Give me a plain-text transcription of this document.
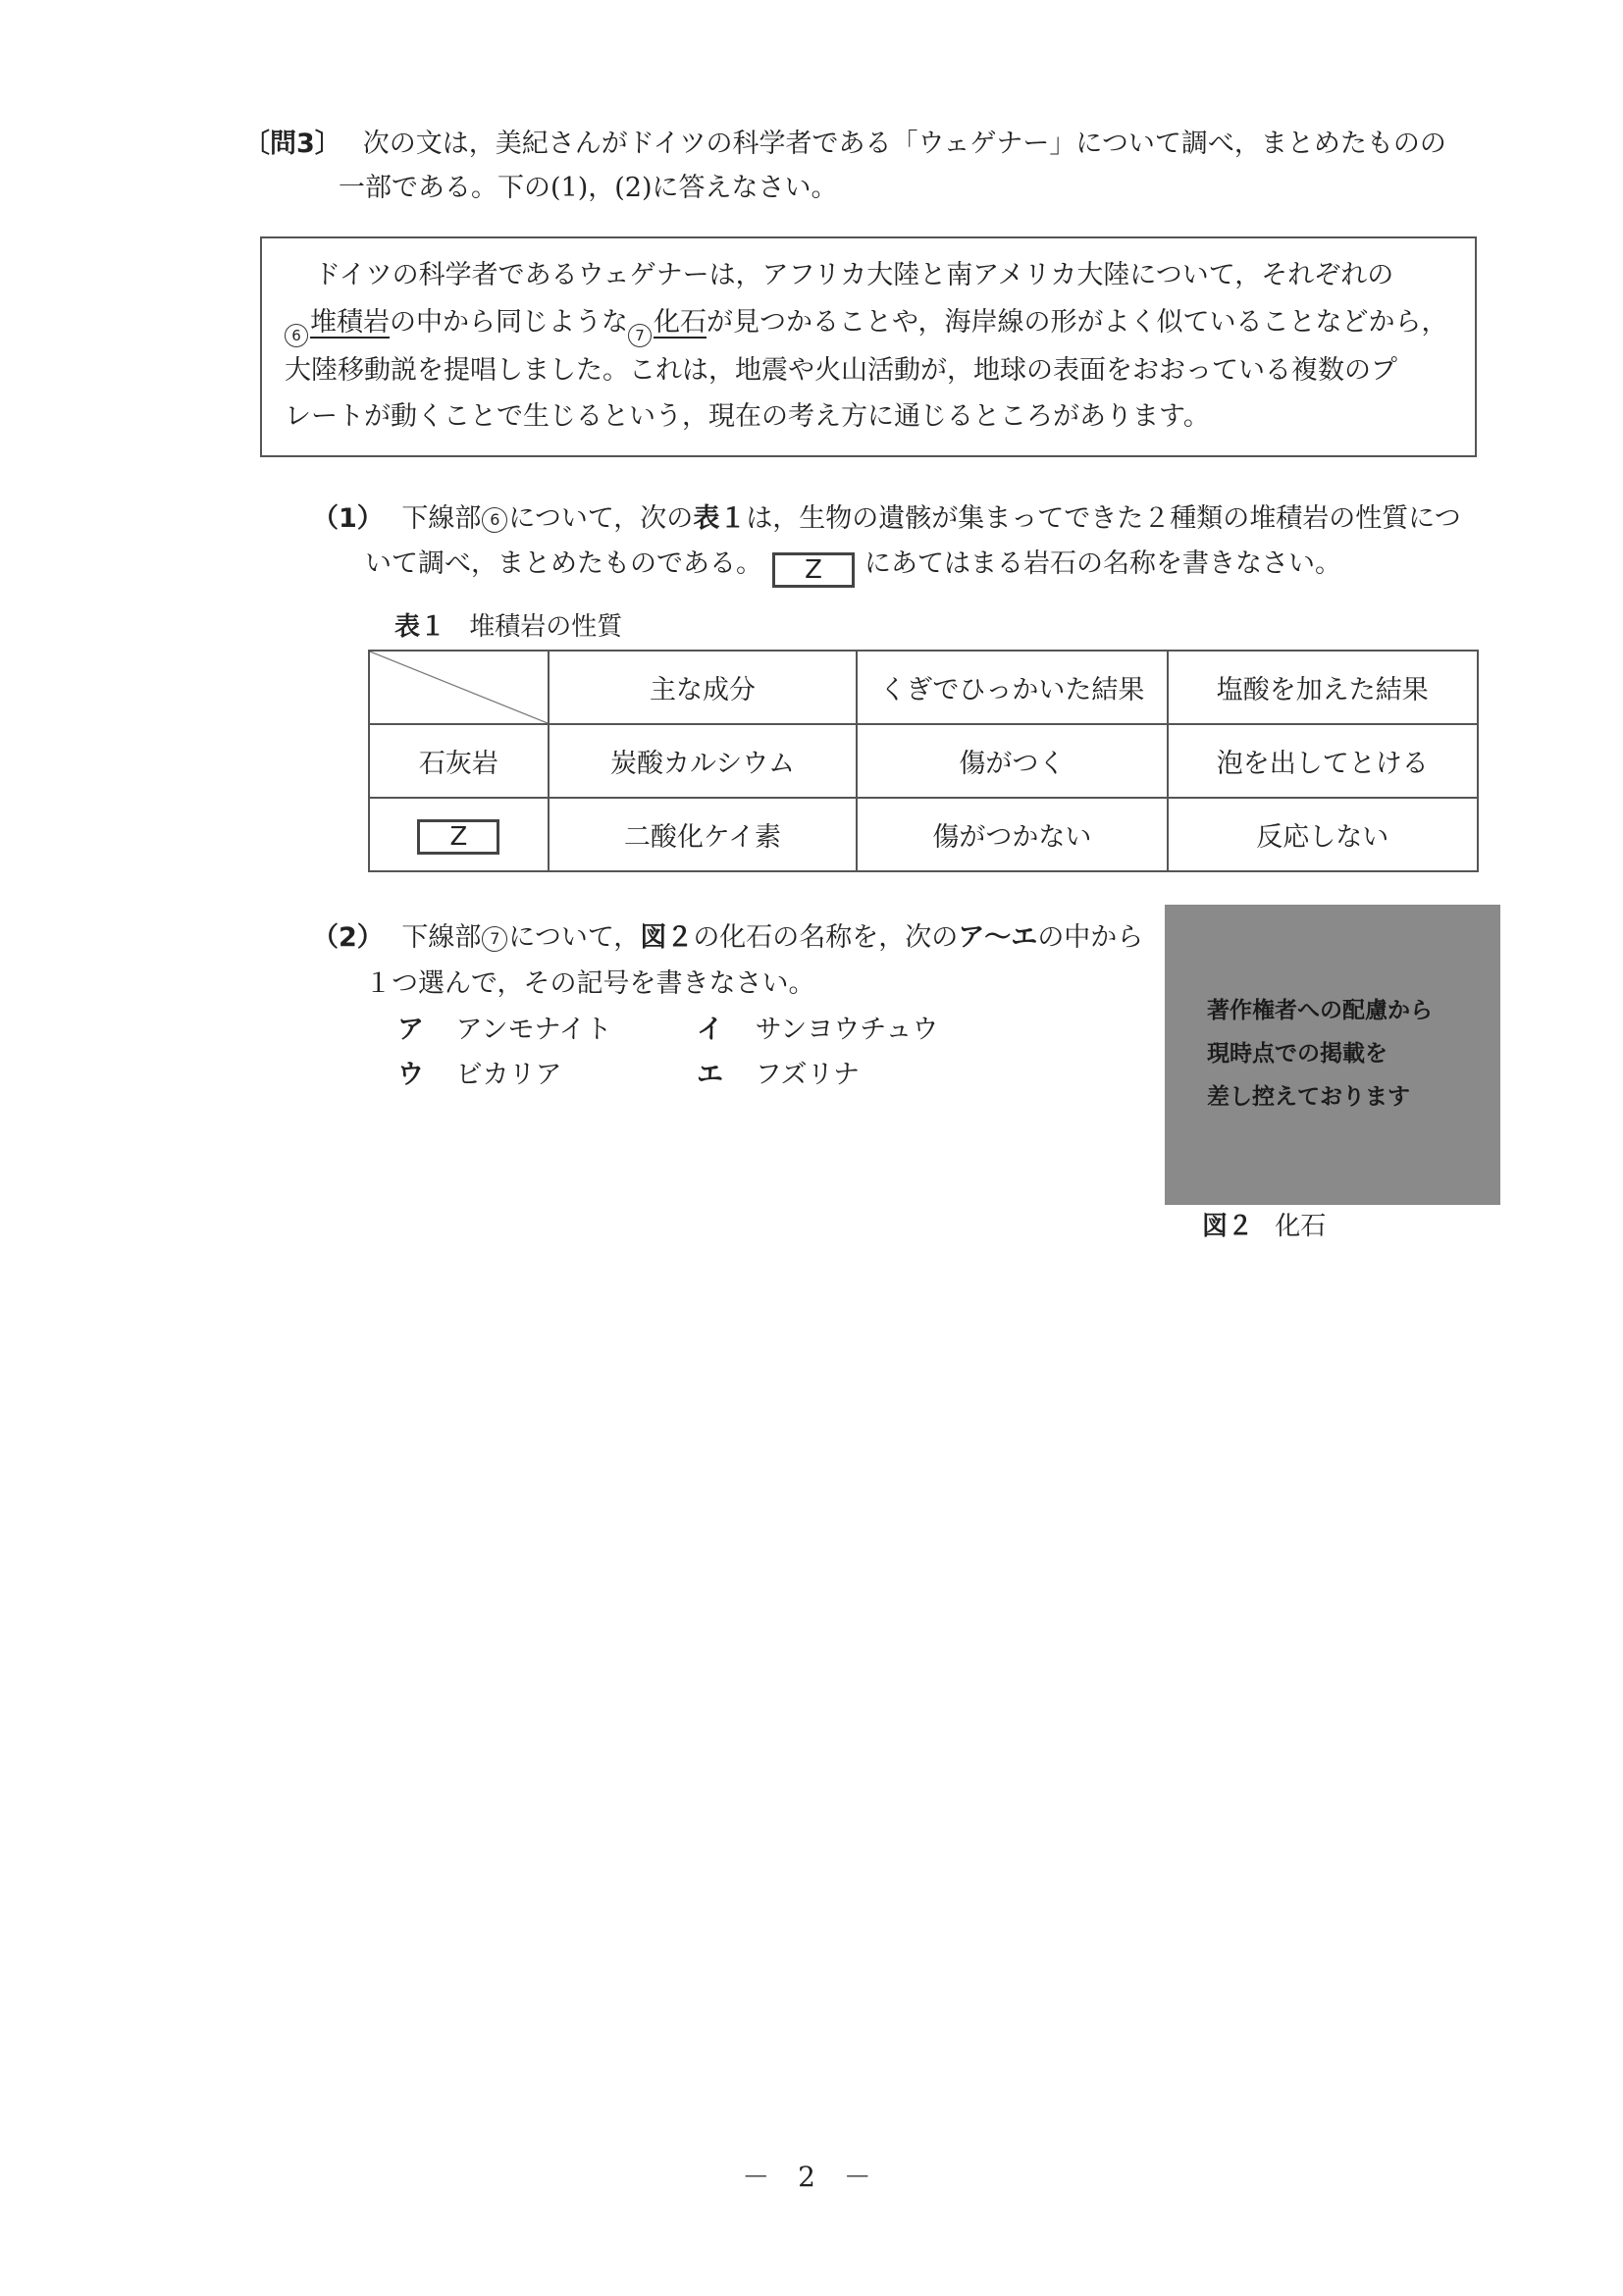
〔問3〕 次の文は，美紀さんがドイツの科学者である「ウェゲナー」について調べ，まとめたものの
一部である。下の(1)，(2)に答えなさい。
ドイツの科学者であるウェゲナーは，アフリカ大陸と南アメリカ大陸について，それぞれの
6 堆積岩の中から同じような 7 化石が見つかることや，海岸線の形がよく似ていることなどから，
大陸移動説を提唱しました。これは，地震や火山活動が，地球の表面をおおっている複数のプ
レートが動くことで生じるという，現在の考え方に通じるところがあります。
（1） 下線部 6 について，次の表１は，生物の遺骸が集まってできた２種類の堆積岩の性質につ
いて調べ，まとめたものである。 Z にあてはまる岩石の名称を書きなさい。
表１ 堆積岩の性質
	主な成分	くぎでひっかいた結果	塩酸を加えた結果
石灰岩	炭酸カルシウム	傷がつく	泡を出してとける
Z	二酸化ケイ素	傷がつかない	反応しない
（2） 下線部 7 について，図２の化石の名称を，次のア～エの中から
１つ選んで，その記号を書きなさい。
ア アンモナイト	イ サンヨウチュウ
ウ ビカリア	エ フズリナ
著作権者への配慮から
現時点での掲載を
差し控えております
図２ 化石
－ 2 －
